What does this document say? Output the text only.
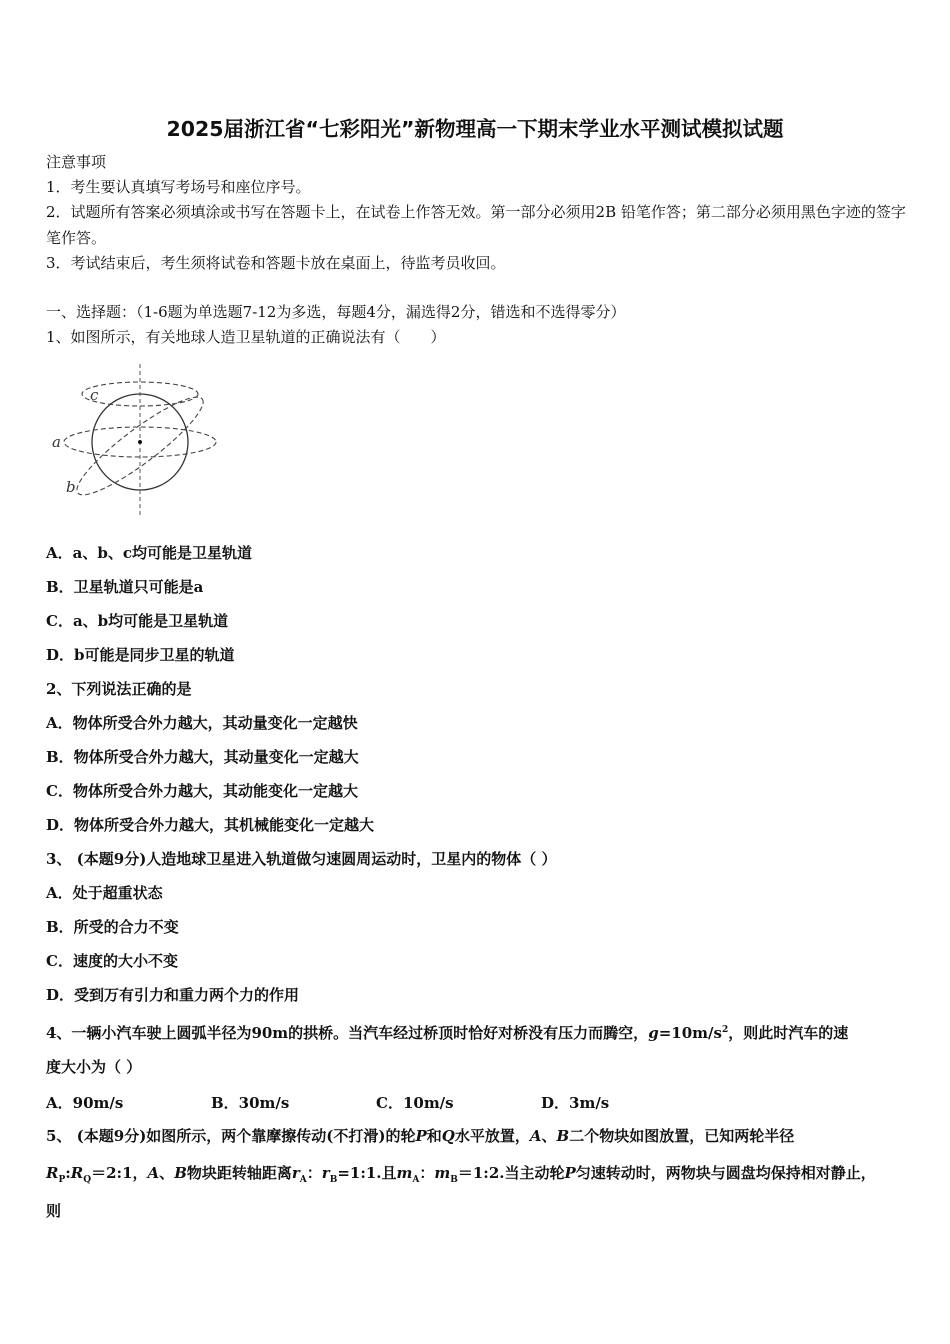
2025届浙江省“七彩阳光”新物理高一下期末学业水平测试模拟试题
注意事项
1．考生要认真填写考场号和座位序号。
2．试题所有答案必须填涂或书写在答题卡上，在试卷上作答无效。第一部分必须用2B 铅笔作答；第二部分必须用黑色字迹的签字笔作答。
3．考试结束后，考生须将试卷和答题卡放在桌面上，待监考员收回。
一、选择题：（1-6题为单选题7-12为多选，每题4分，漏选得2分，错选和不选得零分）
1、如图所示，有关地球人造卫星轨道的正确说法有（　　）
c
a
b
A．a、b、c均可能是卫星轨道
B．卫星轨道只可能是a
C．a、b均可能是卫星轨道
D．b可能是同步卫星的轨道
2、下列说法正确的是
A．物体所受合外力越大，其动量变化一定越快
B．物体所受合外力越大，其动量变化一定越大
C．物体所受合外力越大，其动能变化一定越大
D．物体所受合外力越大，其机械能变化一定越大
3、 (本题9分)人造地球卫星进入轨道做匀速圆周运动时，卫星内的物体（ ）
A．处于超重状态
B．所受的合力不变
C．速度的大小不变
D．受到万有引力和重力两个力的作用
4、一辆小汽车驶上圆弧半径为90m的拱桥。当汽车经过桥顶时恰好对桥没有压力而腾空，$g=10m/s^2$，则此时汽车的速
度大小为（ ）
A．90m/s	B．30m/s	C．10m/s	D．3m/s
5、 (本题9分)如图所示，两个靠摩擦传动(不打滑)的轮P和Q水平放置，A、B二个物块如图放置，已知两轮半径
$R_P:R_Q=2:1$，A、B物块距转轴距离$r_A$：$r_B=1:1$.且$m_A$：$m_B=1:2$.当主动轮P匀速转动时，两物块与圆盘均保持相对静止，
则
